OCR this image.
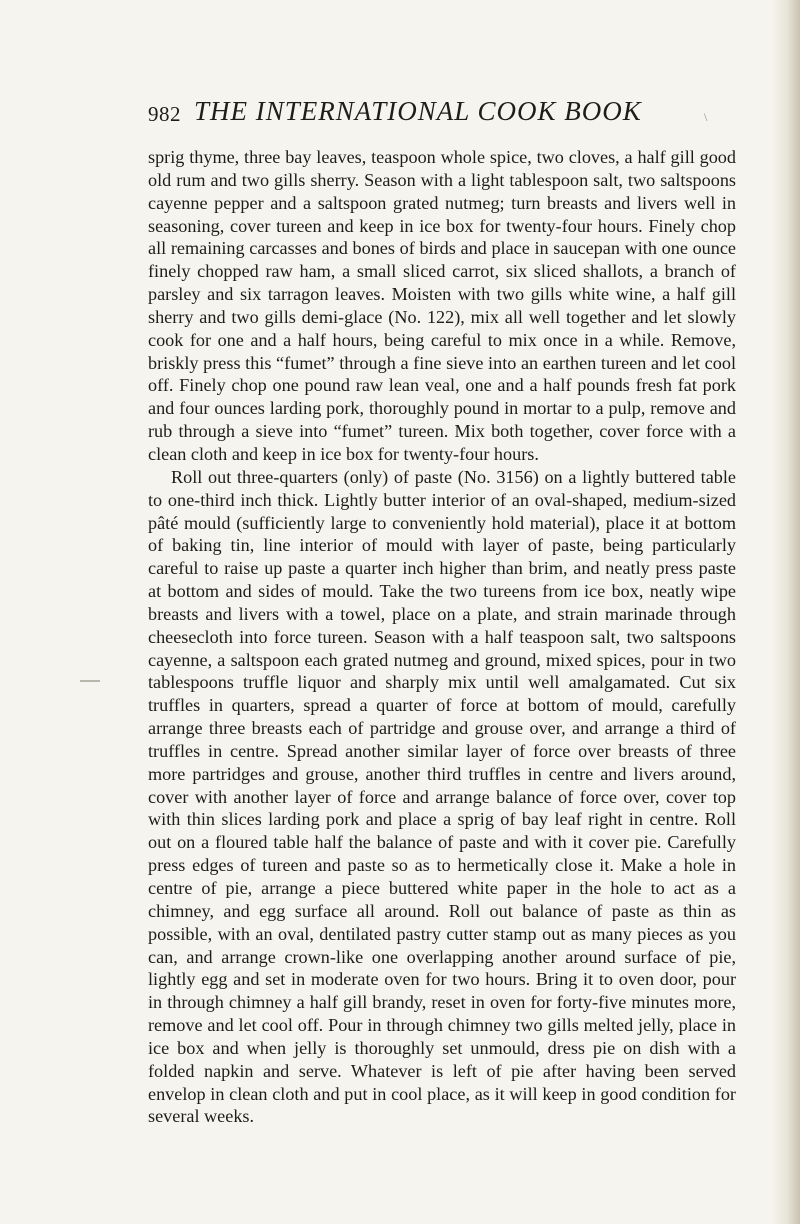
982 THE INTERNATIONAL COOK BOOK	\

sprig thyme, three bay leaves, teaspoon whole spice, two cloves, a half gill good old rum and two gills sherry. Season with a light tablespoon salt, two saltspoons cayenne pepper and a saltspoon grated nutmeg; turn breasts and livers well in seasoning, cover tureen and keep in ice box for twenty-four hours. Finely chop all remaining carcasses and bones of birds and place in saucepan with one ounce finely chopped raw ham, a small sliced carrot, six sliced shallots, a branch of parsley and six tarragon leaves. Moisten with two gills white wine, a half gill sherry and two gills demi-glace (No. 122), mix all well together and let slowly cook for one and a half hours, being careful to mix once in a while. Remove, briskly press this “fumet” through a fine sieve into an earthen tureen and let cool off. Finely chop one pound raw lean veal, one and a half pounds fresh fat pork and four ounces larding pork, thoroughly pound in mortar to a pulp, remove and rub through a sieve into “fumet” tureen. Mix both together, cover force with a clean cloth and keep in ice box for twenty-four hours.

Roll out three-quarters (only) of paste (No. 3156) on a lightly buttered table to one-third inch thick. Lightly butter interior of an oval-shaped, medium-sized pâté mould (sufficiently large to conveniently hold material), place it at bottom of baking tin, line interior of mould with layer of paste, being particularly careful to raise up paste a quarter inch higher than brim, and neatly press paste at bottom and sides of mould. Take the two tureens from ice box, neatly wipe breasts and livers with a towel, place on a plate, and strain marinade through cheesecloth into force tureen. Season with a half teaspoon salt, two saltspoons cayenne, a saltspoon each grated nutmeg and ground, mixed spices, pour in two tablespoons truffle liquor and sharply mix until well amalgamated. Cut six truffles in quarters, spread a quarter of force at bottom of mould, carefully arrange three breasts each of partridge and grouse over, and arrange a third of truffles in centre. Spread another similar layer of force over breasts of three more partridges and grouse, another third truffles in centre and livers around, cover with another layer of force and arrange balance of force over, cover top with thin slices larding pork and place a sprig of bay leaf right in centre. Roll out on a floured table half the balance of paste and with it cover pie. Carefully press edges of tureen and paste so as to hermetically close it. Make a hole in centre of pie, arrange a piece buttered white paper in the hole to act as a chimney, and egg surface all around. Roll out balance of paste as thin as possible, with an oval, dentilated pastry cutter stamp out as many pieces as you can, and arrange crown-like one overlapping another around surface of pie, lightly egg and set in moderate oven for two hours. Bring it to oven door, pour in through chimney a half gill brandy, reset in oven for forty-five minutes more, remove and let cool off. Pour in through chimney two gills melted jelly, place in ice box and when jelly is thoroughly set unmould, dress pie on dish with a folded napkin and serve. Whatever is left of pie after having been served envelop in clean cloth and put in cool place, as it will keep in good condition for several weeks.
